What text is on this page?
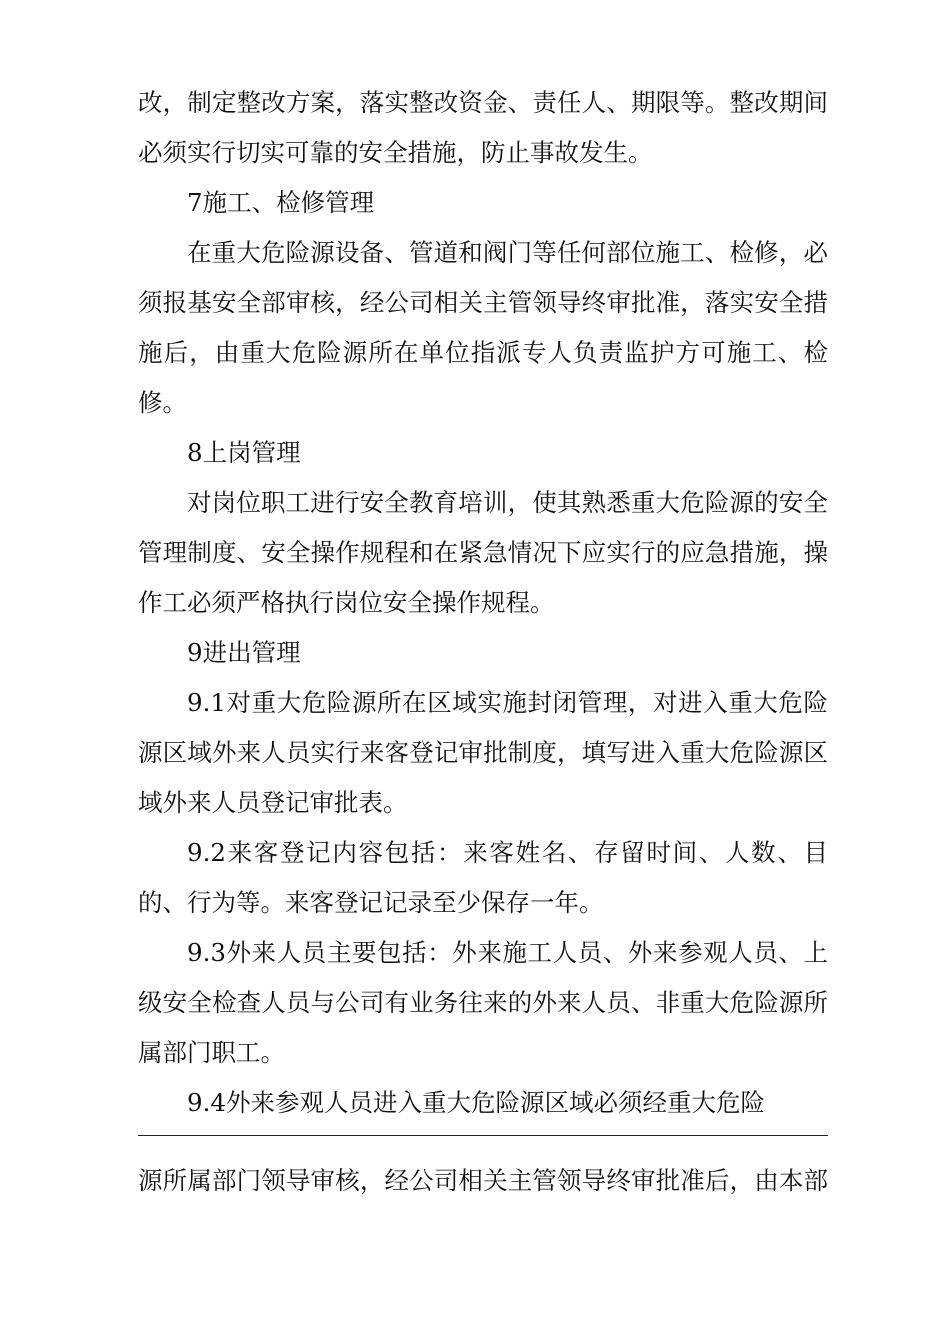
改，制定整改方案，落实整改资金、责任人、期限等。整改期间
必须实行切实可靠的安全措施，防止事故发生。
7施工、检修管理
在重大危险源设备、管道和阀门等任何部位施工、检修，必
须报基安全部审核，经公司相关主管领导终审批准，落实安全措
施后，由重大危险源所在单位指派专人负责监护方可施工、检
修。
8上岗管理
对岗位职工进行安全教育培训，使其熟悉重大危险源的安全
管理制度、安全操作规程和在紧急情况下应实行的应急措施，操
作工必须严格执行岗位安全操作规程。
9进出管理
9.1对重大危险源所在区域实施封闭管理，对进入重大危险
源区域外来人员实行来客登记审批制度，填写进入重大危险源区
域外来人员登记审批表。
9.2来客登记内容包括：来客姓名、存留时间、人数、目
的、行为等。来客登记记录至少保存一年。
9.3外来人员主要包括：外来施工人员、外来参观人员、上
级安全检查人员与公司有业务往来的外来人员、非重大危险源所
属部门职工。
9.4外来参观人员进入重大危险源区域必须经重大危险
源所属部门领导审核，经公司相关主管领导终审批准后，由本部
